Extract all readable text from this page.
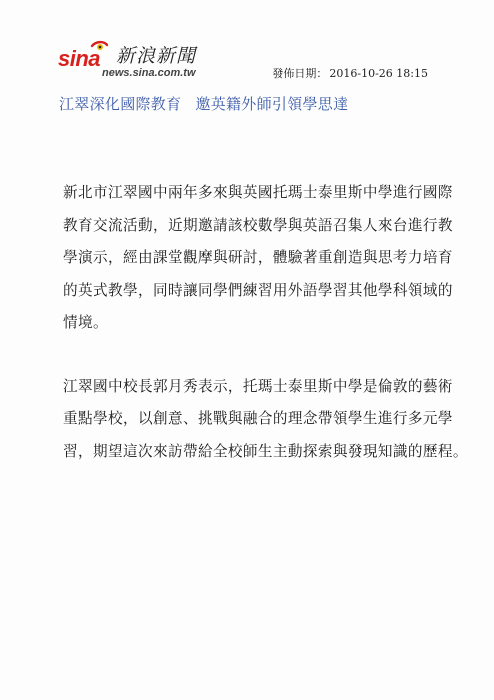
sina 新浪新聞
news.sina.com.tw	發佈日期： 2016-10-26 18:15
江翠深化國際教育 邀英籍外師引領學思達

新北市江翠國中兩年多來與英國托瑪士泰里斯中學進行國際
教育交流活動，近期邀請該校數學與英語召集人來台進行教
學演示，經由課堂觀摩與研討，體驗著重創造與思考力培育
的英式教學，同時讓同學們練習用外語學習其他學科領域的
情境。

江翠國中校長郭月秀表示，托瑪士泰里斯中學是倫敦的藝術
重點學校，以創意、挑戰與融合的理念帶領學生進行多元學
習，期望這次來訪帶給全校師生主動探索與發現知識的歷程。
